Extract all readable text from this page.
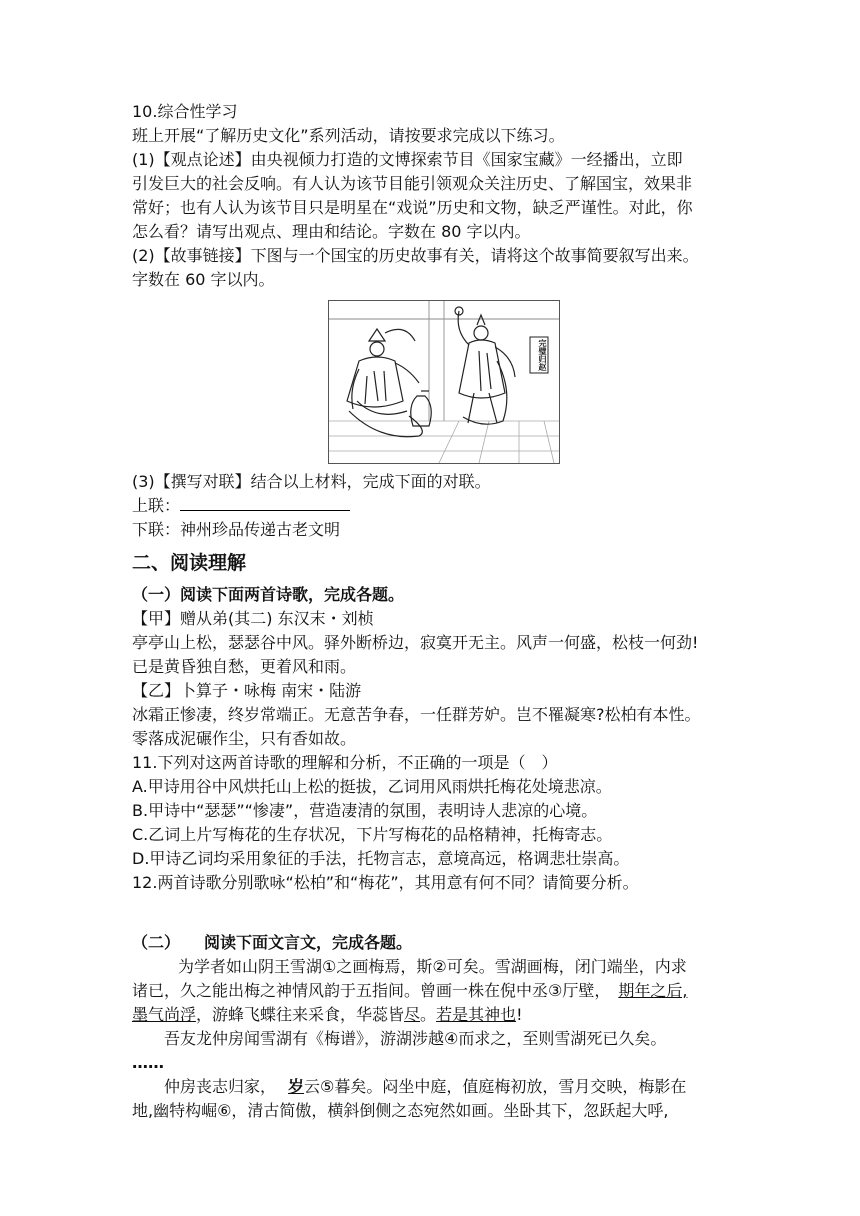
10.综合性学习

班上开展“了解历史文化”系列活动，请按要求完成以下练习。

(1)【观点论述】由央视倾力打造的文博探索节目《国家宝藏》一经播出，立即

引发巨大的社会反响。有人认为该节目能引领观众关注历史、了解国宝，效果非

常好；也有人认为该节目只是明星在“戏说”历史和文物，缺乏严谨性。对此，你

怎么看？请写出观点、理由和结论。字数在 80 字以内。

(2)【故事链接】下图与一个国宝的历史故事有关，请将这个故事简要叙写出来。

字数在 60 字以内。

完璧归赵

(3)【撰写对联】结合以上材料，完成下面的对联。

上联：

下联：神州珍品传递古老文明

二、阅读理解

（一）阅读下面两首诗歌，完成各题。

【甲】赠从弟(其二) 东汉末・刘桢

亭亭山上松，瑟瑟谷中风。驿外断桥边，寂寞开无主。风声一何盛，松枝一何劲!

已是黄昏独自愁，更着风和雨。

【乙】卜算子・咏梅 南宋・陆游

冰霜正惨凄，终岁常端正。无意苦争春，一任群芳妒。岂不罹凝寒?松柏有本性。

零落成泥碾作尘，只有香如故。

11.下列对这两首诗歌的理解和分析，不正确的一项是（　）

A.甲诗用谷中风烘托山上松的挺拔，乙词用风雨烘托梅花处境悲凉。

B.甲诗中“瑟瑟”“惨凄”，营造凄清的氛围，表明诗人悲凉的心境。

C.乙词上片写梅花的生存状况，下片写梅花的品格精神，托梅寄志。

D.甲诗乙词均采用象征的手法，托物言志，意境高远，格调悲壮崇高。

12.两首诗歌分别歌咏“松柏”和“梅花”，其用意有何不同？请简要分析。

（二）　　阅读下面文言文，完成各题。

为学者如山阴王雪湖①之画梅焉，斯②可矣。雪湖画梅，闭门端坐，内求

诸已，久之能出梅之神情风韵于五指间。曾画一株在倪中丞③厅壁， 期年之后,

墨气尚浮，游蜂飞蝶往来采食，华蕊皆尽。若是其神也!

吾友龙仲房闻雪湖有《梅谱》，游湖涉越④而求之，至则雪湖死已久矣。

……

仲房丧志归家， 岁云⑤暮矣。闷坐中庭，值庭梅初放，雪月交映，梅影在

地,幽特构崛⑥，清古简傲，横斜倒侧之态宛然如画。坐卧其下，忽跃起大呼,
